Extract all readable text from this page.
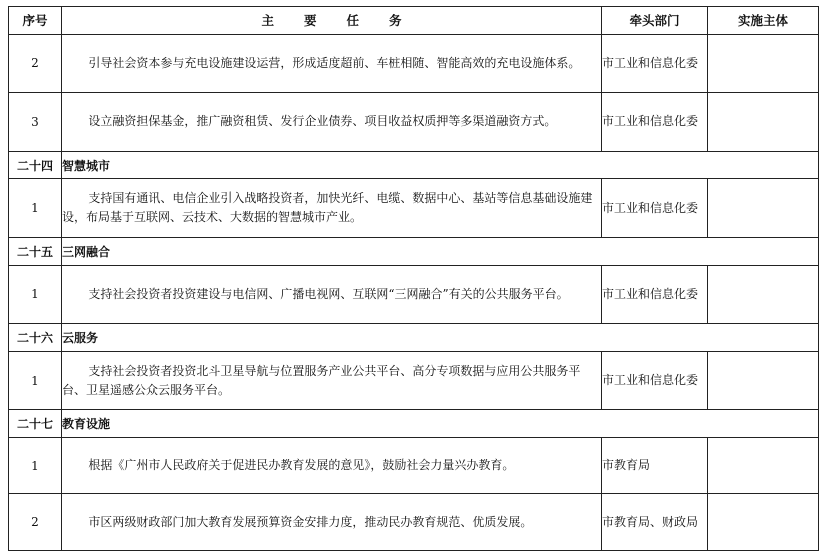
序号	主要任务	牵头部门	实施主体
2	引导社会资本参与充电设施建设运营，形成适度超前、车桩相随、智能高效的充电设施体系。	市工业和信息化委	
3	设立融资担保基金，推广融资租赁、发行企业债券、项目收益权质押等多渠道融资方式。	市工业和信息化委	
二十四	智慧城市		
1	支持国有通讯、电信企业引入战略投资者，加快光纤、电缆、数据中心、基站等信息基础设施建设，布局基于互联网、云技术、大数据的智慧城市产业。	市工业和信息化委	
二十五	三网融合		
1	支持社会投资者投资建设与电信网、广播电视网、互联网“三网融合”有关的公共服务平台。	市工业和信息化委	
二十六	云服务		
1	支持社会投资者投资北斗卫星导航与位置服务产业公共平台、高分专项数据与应用公共服务平台、卫星遥感公众云服务平台。	市工业和信息化委	
二十七	教育设施		
1	根据《广州市人民政府关于促进民办教育发展的意见》，鼓励社会力量兴办教育。	市教育局	
2	市区两级财政部门加大教育发展预算资金安排力度，推动民办教育规范、优质发展。	市教育局、财政局	
